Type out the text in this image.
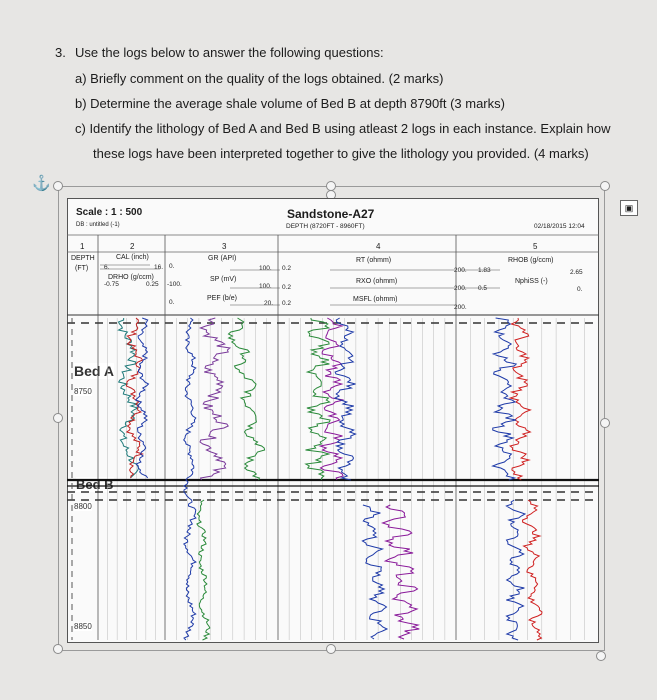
3. Use the logs below to answer the following questions:
a) Briefly comment on the quality of the logs obtained. (2 marks)
b) Determine the average shale volume of Bed B at depth 8790ft (3 marks)
c) Identify the lithology of Bed A and Bed B using atleast 2 logs in each instance. Explain how
these logs have been interpreted together to give the lithology you provided. (4 marks)
⚓
▣
Scale : 1 : 500
DB : untitled (-1)
Sandstone-A27
DEPTH (8720FT - 8960FT)	02/18/2015 12:04
1	2	3	4	5
DEPTH
(FT)
CAL (inch)
6.	16.
DRHO (g/ccm)
-0.75	0.25
GR (API)
0.	100.
SP (mV)
-100.	100.
PEF (b/e)
0.	20.
RT (ohmm)
0.2	200.
RXO (ohmm)
0.2	200.
MSFL (ohmm)
0.2
200.
RHOB (g/ccm)
1.83	2.65
NphiSS (-)
0.5	0.
Bed A
8750
Bed B
8800
8850
